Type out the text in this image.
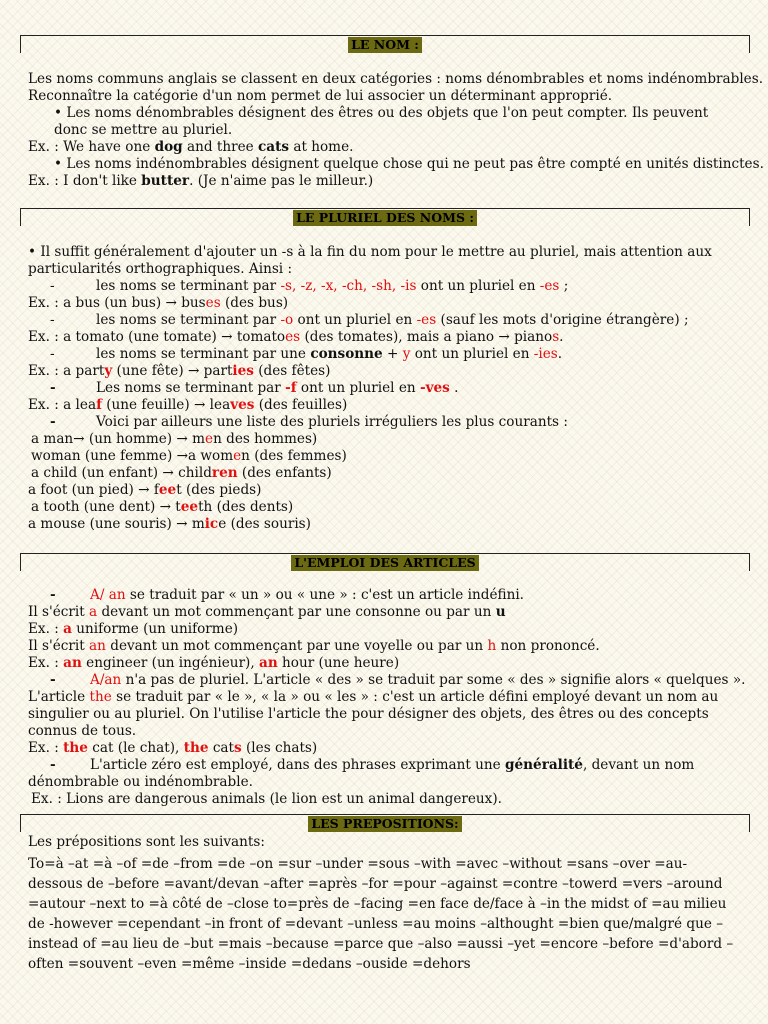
LE NOM :
Les noms communs anglais se classent en deux catégories : noms dénombrables et noms indénombrables.
Reconnaître la catégorie d'un nom permet de lui associer un déterminant approprié.
• Les noms dénombrables désignent des êtres ou des objets que l'on peut compter. Ils peuvent donc se mettre au pluriel.
Ex. : We have one dog and three cats at home.
• Les noms indénombrables désignent quelque chose qui ne peut pas être compté en unités distinctes.
Ex. : I don't like butter. (Je n'aime pas le milleur.)
LE PLURIEL DES NOMS :
• Il suffit généralement d'ajouter un -s à la fin du nom pour le mettre au pluriel, mais attention aux particularités orthographiques. Ainsi :
-	les noms se terminant par -s, -z, -x, -ch, -sh, -is ont un pluriel en -es ;
Ex. : a bus (un bus) → buses (des bus)
-	les noms se terminant par -o ont un pluriel en -es (sauf les mots d'origine étrangère) ;
Ex. : a tomato (une tomate) → tomatoes (des tomates), mais a piano → pianos.
-	les noms se terminant par une consonne + y ont un pluriel en -ies.
Ex. : a party (une fête) → parties (des fêtes)
-	Les noms se terminant par -f ont un pluriel en -ves .
Ex. : a leaf (une feuille) → leaves (des feuilles)
-	Voici par ailleurs une liste des pluriels irréguliers les plus courants :
a man→ (un homme) → men des hommes)
woman (une femme) →a women (des femmes)
a child (un enfant) → children (des enfants)
a foot (un pied) → feet (des pieds)
a tooth (une dent) → teeth (des dents)
a mouse (une souris) → mice (des souris)
L'EMPLOI DES ARTICLES
-	A/ an se traduit par « un » ou « une » : c'est un article indéfini.
Il s'écrit a devant un mot commençant par une consonne ou par un u
Ex. : a uniforme (un uniforme)
Il s'écrit an devant un mot commençant par une voyelle ou par un h non prononcé.
Ex. : an engineer (un ingénieur), an hour (une heure)
-	A/an n'a pas de pluriel. L'article « des » se traduit par some « des » signifie alors « quelques ».
L'article the se traduit par « le », « la » ou « les » : c'est un article défini employé devant un nom au singulier ou au pluriel. On l'utilise l'article the pour désigner des objets, des êtres ou des concepts connus de tous.
Ex. : the cat (le chat), the cats (les chats)
-	L'article zéro est employé, dans des phrases exprimant une généralité, devant un nom dénombrable ou indénombrable.
Ex. : Lions are dangerous animals (le lion est un animal dangereux).
LES PREPOSITIONS:
Les prépositions sont les suivants:
To=à –at =à –of =de –from =de –on =sur –under =sous –with =avec –without =sans –over =au-dessous de –before =avant/devan –after =après –for =pour –against =contre –towerd =vers –around =autour –next to =à côté de –close to=près de –facing =en face de/face à –in the midst of =au milieu de -however =cependant –in front of =devant –unless =au moins –althought =bien que/malgré que –instead of =au lieu de –but =mais –because =parce que –also =aussi –yet =encore –before =d'abord –often =souvent –even =même –inside =dedans –ouside =dehors
